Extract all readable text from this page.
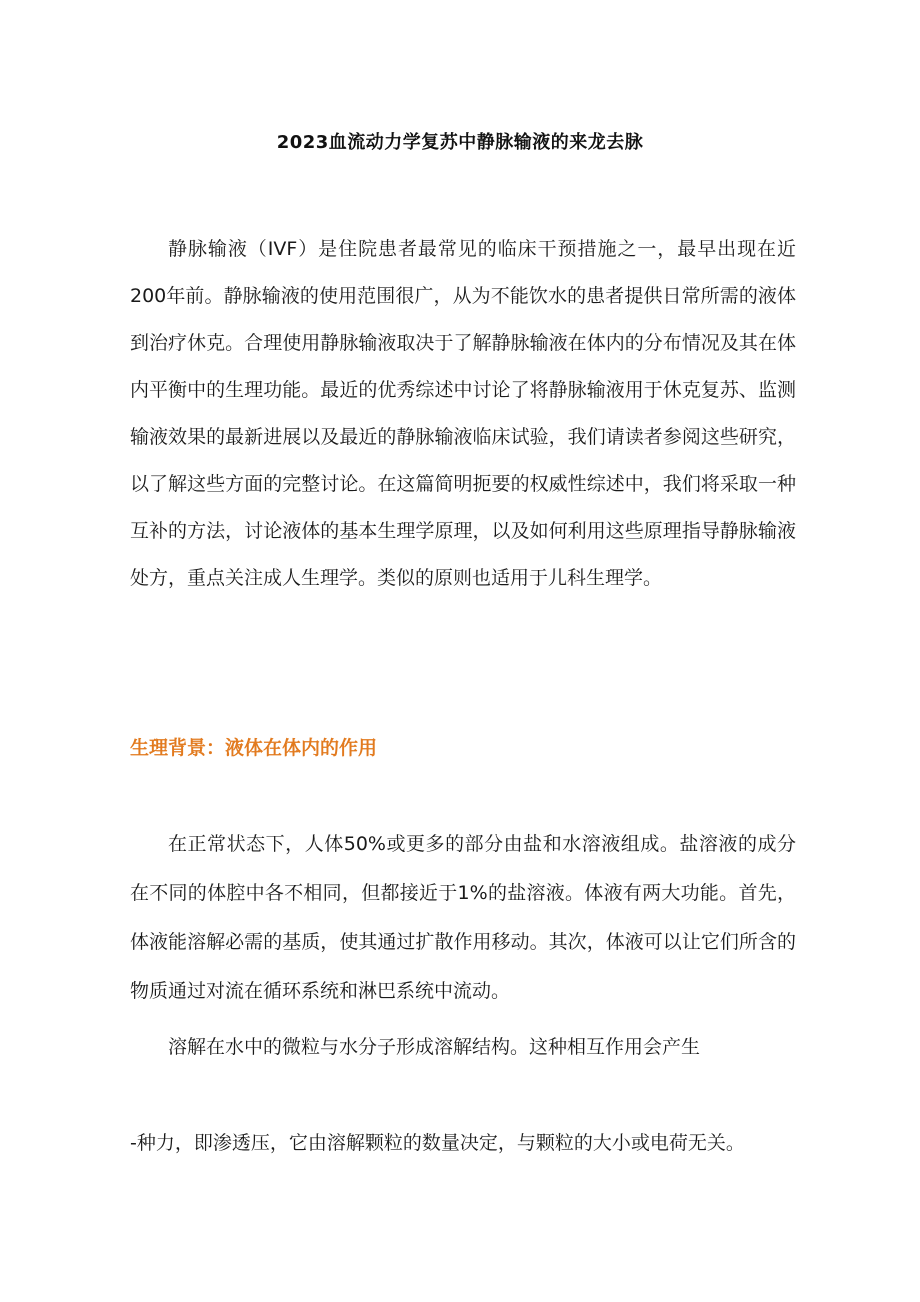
2023血流动力学复苏中静脉输液的来龙去脉

静脉输液（IVF）是住院患者最常见的临床干预措施之一，最早出现在近200年前。静脉输液的使用范围很广，从为不能饮水的患者提供日常所需的液体到治疗休克。合理使用静脉输液取决于了解静脉输液在体内的分布情况及其在体内平衡中的生理功能。最近的优秀综述中讨论了将静脉输液用于休克复苏、监测输液效果的最新进展以及最近的静脉输液临床试验，我们请读者参阅这些研究，以了解这些方面的完整讨论。在这篇简明扼要的权威性综述中，我们将采取一种互补的方法，讨论液体的基本生理学原理，以及如何利用这些原理指导静脉输液处方，重点关注成人生理学。类似的原则也适用于儿科生理学。

生理背景：液体在体内的作用

在正常状态下，人体50%或更多的部分由盐和水溶液组成。盐溶液的成分在不同的体腔中各不相同，但都接近于1%的盐溶液。体液有两大功能。首先，体液能溶解必需的基质，使其通过扩散作用移动。其次，体液可以让它们所含的物质通过对流在循环系统和淋巴系统中流动。

溶解在水中的微粒与水分子形成溶解结构。这种相互作用会产生

-种力，即渗透压，它由溶解颗粒的数量决定，与颗粒的大小或电荷无关。
